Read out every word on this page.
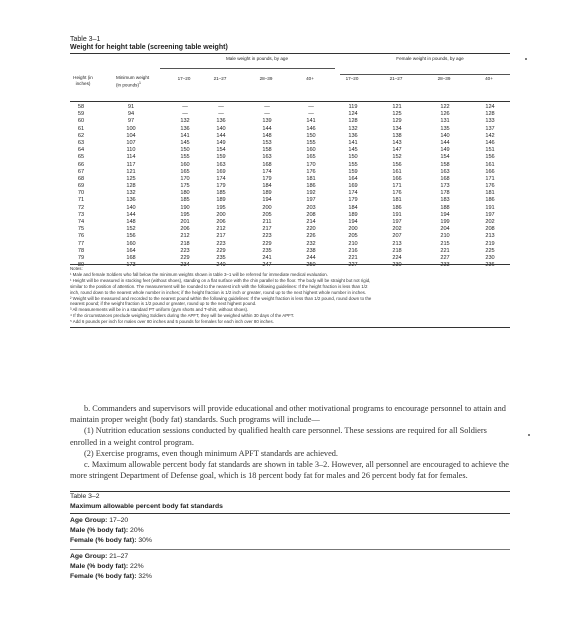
Table 3–1
Weight for height table (screening table weight)
Male weight in pounds, by age	Female weight in pounds, by age
Height (in inches)
Minimum weight (in pounds)$^1$
17–20	21–27	28–39	40+	17–20	21–27	28–39	40+
58	91	—	—	—	—	119	121	122	124
59	94	—	—	—	—	124	125	126	128
60	97	132	136	139	141	128	129	131	133
61	100	136	140	144	146	132	134	135	137
62	104	141	144	148	150	136	138	140	142
63	107	145	149	153	155	141	143	144	146
64	110	150	154	158	160	145	147	149	151
65	114	155	159	163	165	150	152	154	156
66	117	160	163	168	170	155	156	158	161
67	121	165	169	174	176	159	161	163	166
68	125	170	174	179	181	164	166	168	171
69	128	175	179	184	186	169	171	173	176
70	132	180	185	189	192	174	176	178	181
71	136	185	189	194	197	179	181	183	186
72	140	190	195	200	203	184	186	188	191
73	144	195	200	205	208	189	191	194	197
74	148	201	206	211	214	194	197	199	202
75	152	206	212	217	220	200	202	204	208
76	156	212	217	223	226	205	207	210	213
77	160	218	223	229	232	210	213	215	219
78	164	223	229	235	238	216	218	221	225
79	168	229	235	241	244	221	224	227	230
80	173	234	240	247	250	227	230	233	236
Notes:
¹ Male and female Soldiers who fall below the minimum weights shown in table 3–1 will be referred for immediate medical evaluation.
¹ Height will be measured in stocking feet (without shoes), standing on a flat surface with the chin parallel to the floor. The body will be straight but not rigid,
similar to the position of attention. The measurement will be rounded to the nearest inch with the following guidelines: If the height fraction is less than 1/2
inch, round down to the nearest whole number in inches; if the height fraction is 1/2 inch or greater, round up to the next highest whole number in inches.
² Weight will be measured and recorded to the nearest pound within the following guidelines: If the weight fraction is less than 1/2 pound, round down to the
nearest pound; if the weight fraction is 1/2 pound or greater, round up to the next highest pound.
³ All measurements will be in a standard PT uniform (gym shorts and T-shirt, without shoes).
⁴ If the circumstances preclude weighing Soldiers during the APFT, they will be weighed within 30 days of the APFT.
⁵ Add 6 pounds per inch for males over 80 inches and 5 pounds for females for each inch over 80 inches.

b. Commanders and supervisors will provide educational and other motivational programs to encourage personnel to attain and maintain proper weight (body fat) standards. Such programs will include—

(1) Nutrition education sessions conducted by qualified health care personnel. These sessions are required for all Soldiers enrolled in a weight control program.

(2) Exercise programs, even though minimum APFT standards are achieved.

c. Maximum allowable percent body fat standards are shown in table 3–2. However, all personnel are encouraged to achieve the more stringent Department of Defense goal, which is 18 percent body fat for males and 26 percent body fat for females.

Table 3–2
Maximum allowable percent body fat standards
Age Group: 17–20
Male (% body fat): 20%
Female (% body fat): 30%
Age Group: 21–27
Male (% body fat): 22%
Female (% body fat): 32%
